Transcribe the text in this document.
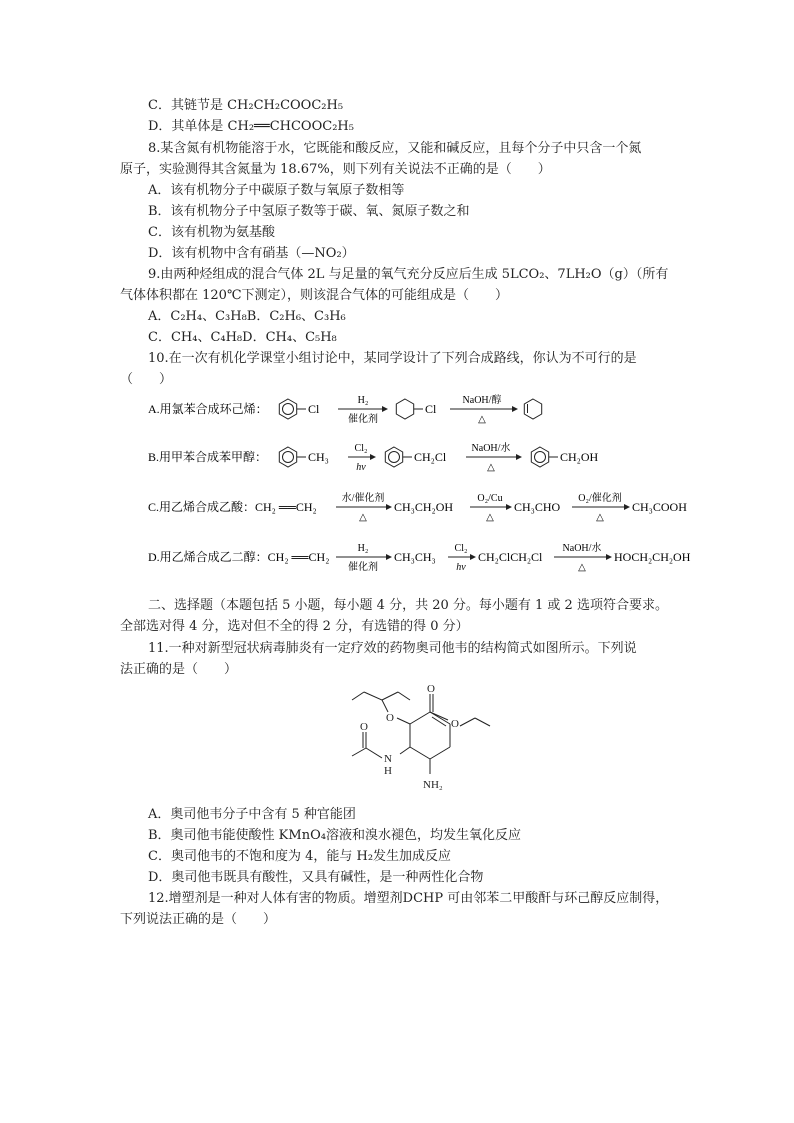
C．其链节是 CH₂CH₂COOC₂H₅
D．其单体是 CH₂══CHCOOC₂H₅
8.某含氮有机物能溶于水，它既能和酸反应，又能和碱反应，且每个分子中只含一个氮
原子，实验测得其含氮量为 18.67%，则下列有关说法不正确的是（　　）
A．该有机物分子中碳原子数与氧原子数相等
B．该有机物分子中氢原子数等于碳、氧、氮原子数之和
C．该有机物为氨基酸
D．该有机物中含有硝基（—NO₂）
9.由两种烃组成的混合气体 2L 与足量的氧气充分反应后生成 5LCO₂、7LH₂O（g）（所有
气体体积都在 120℃下测定），则该混合气体的可能组成是（　　）
A．C₂H₄、C₃H₈B．C₂H₆、C₃H₆
C．CH₄、C₄H₈D．CH₄、C₅H₈
10.在一次有机化学课堂小组讨论中，某同学设计了下列合成路线，你认为不可行的是
（　　）
A.用氯苯合成环己烯：	Cl
H₂
催化剂
Cl
NaOH/醇
△
B.用甲苯合成苯甲醇：	CH₃
Cl₂
hν
CH₂Cl
NaOH/水
△
CH₂OH
C.用乙烯合成乙酸：CH₂ ══CH₂
水/催化剂
△
CH₃CH₂OH
O₂/Cu
△
CH₃CHO
O₂/催化剂
△
CH₃COOH
D.用乙烯合成乙二醇：CH₂ ══CH₂
H₂
催化剂
CH₃CH₃
Cl₂
hν
CH₂ClCH₂Cl
NaOH/水
△
HOCH₂CH₂OH
二、选择题（本题包括 5 小题，每小题 4 分，共 20 分。每小题有 1 或 2 选项符合要求。
全部选对得 4 分，选对但不全的得 2 分，有选错的得 0 分）
11.一种对新型冠状病毒肺炎有一定疗效的药物奥司他韦的结构简式如图所示。下列说
法正确的是（　　）
O
O
O
O
N
H
NH₂
A．奥司他韦分子中含有 5 种官能团
B．奥司他韦能使酸性 KMnO₄溶液和溴水褪色，均发生氧化反应
C．奥司他韦的不饱和度为 4，能与 H₂发生加成反应
D．奥司他韦既具有酸性，又具有碱性，是一种两性化合物
12.增塑剂是一种对人体有害的物质。增塑剂DCHP 可由邻苯二甲酸酐与环己醇反应制得，
下列说法正确的是（　　）
